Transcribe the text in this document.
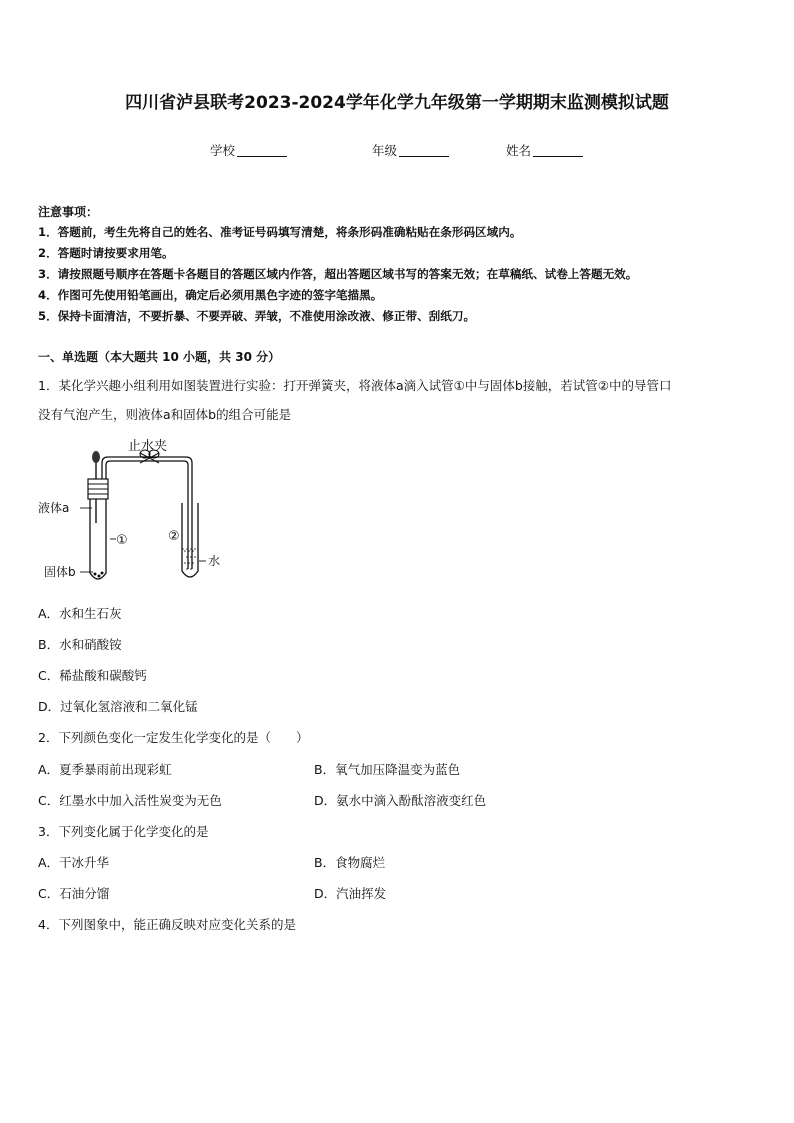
四川省泸县联考2023-2024学年化学九年级第一学期期末监测模拟试题
学校	年级	姓名
注意事项：
1．答题前，考生先将自己的姓名、准考证号码填写清楚，将条形码准确粘贴在条形码区域内。
2．答题时请按要求用笔。
3．请按照题号顺序在答题卡各题目的答题区域内作答，超出答题区域书写的答案无效；在草稿纸、试卷上答题无效。
4．作图可先使用铅笔画出，确定后必须用黑色字迹的签字笔描黑。
5．保持卡面清洁，不要折暴、不要弄破、弄皱，不准使用涂改液、修正带、刮纸刀。
一、单选题（本大题共 10 小题，共 30 分）
1．某化学兴趣小组利用如图装置进行实验：打开弹簧夹，将液体a滴入试管①中与固体b接触，若试管②中的导管口
没有气泡产生，则液体a和固体b的组合可能是
止水夹
液体a
固体b
①	②
水
A．水和生石灰
B．水和硝酸铵
C．稀盐酸和碳酸钙
D．过氧化氢溶液和二氧化锰
2．下列颜色变化一定发生化学变化的是（　　）
A．夏季暴雨前出现彩虹	B．氧气加压降温变为蓝色
C．红墨水中加入活性炭变为无色	D．氨水中滴入酚酞溶液变红色
3．下列变化属于化学变化的是
A．干冰升华	B．食物腐烂
C．石油分馏	D．汽油挥发
4．下列图象中，能正确反映对应变化关系的是
